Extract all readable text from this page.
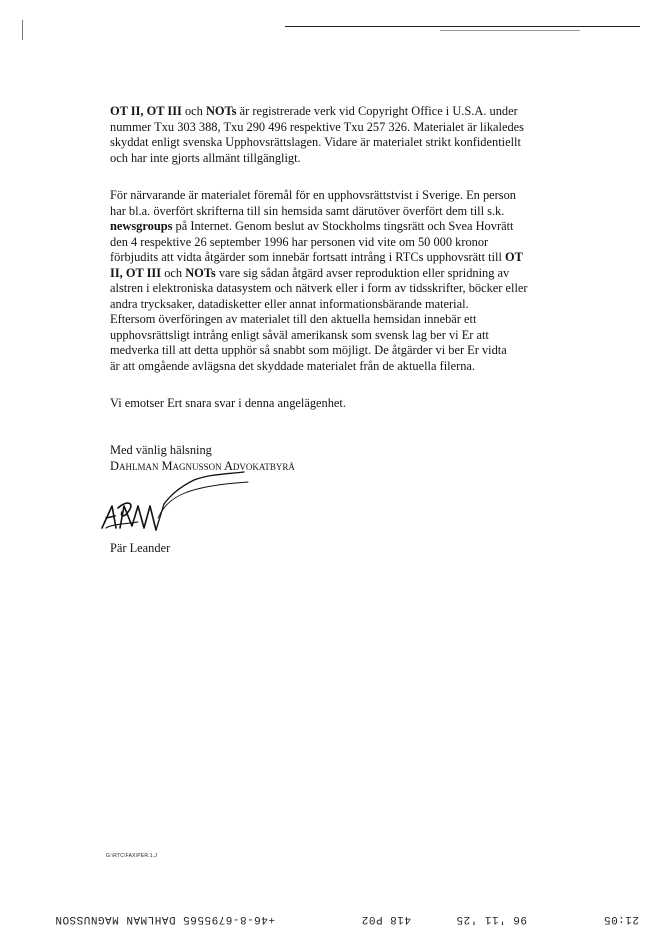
OT II, OT III och NOTs är registrerade verk vid Copyright Office i U.S.A. under
nummer Txu 303 388, Txu 290 496 respektive Txu 257 326. Materialet är likaledes
skyddat enligt svenska Upphovsrättslagen. Vidare är materialet strikt konfidentiellt
och har inte gjorts allmänt tillgängligt.

För närvarande är materialet föremål för en upphovsrättstvist i Sverige. En person
har bl.a. överfört skrifterna till sin hemsida samt därutöver överfört dem till s.k.
newsgroups på Internet. Genom beslut av Stockholms tingsrätt och Svea Hovrätt
den 4 respektive 26 september 1996 har personen vid vite om 50 000 kronor
förbjudits att vidta åtgärder som innebär fortsatt intrång i RTCs upphovsrätt till OT
II, OT III och NOTs vare sig sådan åtgärd avser reproduktion eller spridning av
alstren i elektroniska datasystem och nätverk eller i form av tidsskrifter, böcker eller
andra trycksaker, datadisketter eller annat informationsbärande material.
Eftersom överföringen av materialet till den aktuella hemsidan innebär ett
upphovsrättsligt intrång enligt såväl amerikansk som svensk lag ber vi Er att
medverka till att detta upphör så snabbt som möjligt. De åtgärder vi ber Er vidta
är att omgående avlägsna det skyddade materialet från de aktuella filerna.

Vi emotser Ert snara svar i denna angelägenhet.

Med vänlig hälsning
Dahlman Magnusson Advokatbyrå
Pär Leander
G:\RTC\FAX\PER.1.J
+46-8-6795565 DAHLMAN MAGNUSSON	418 P02	96 '11 '25	21:05
